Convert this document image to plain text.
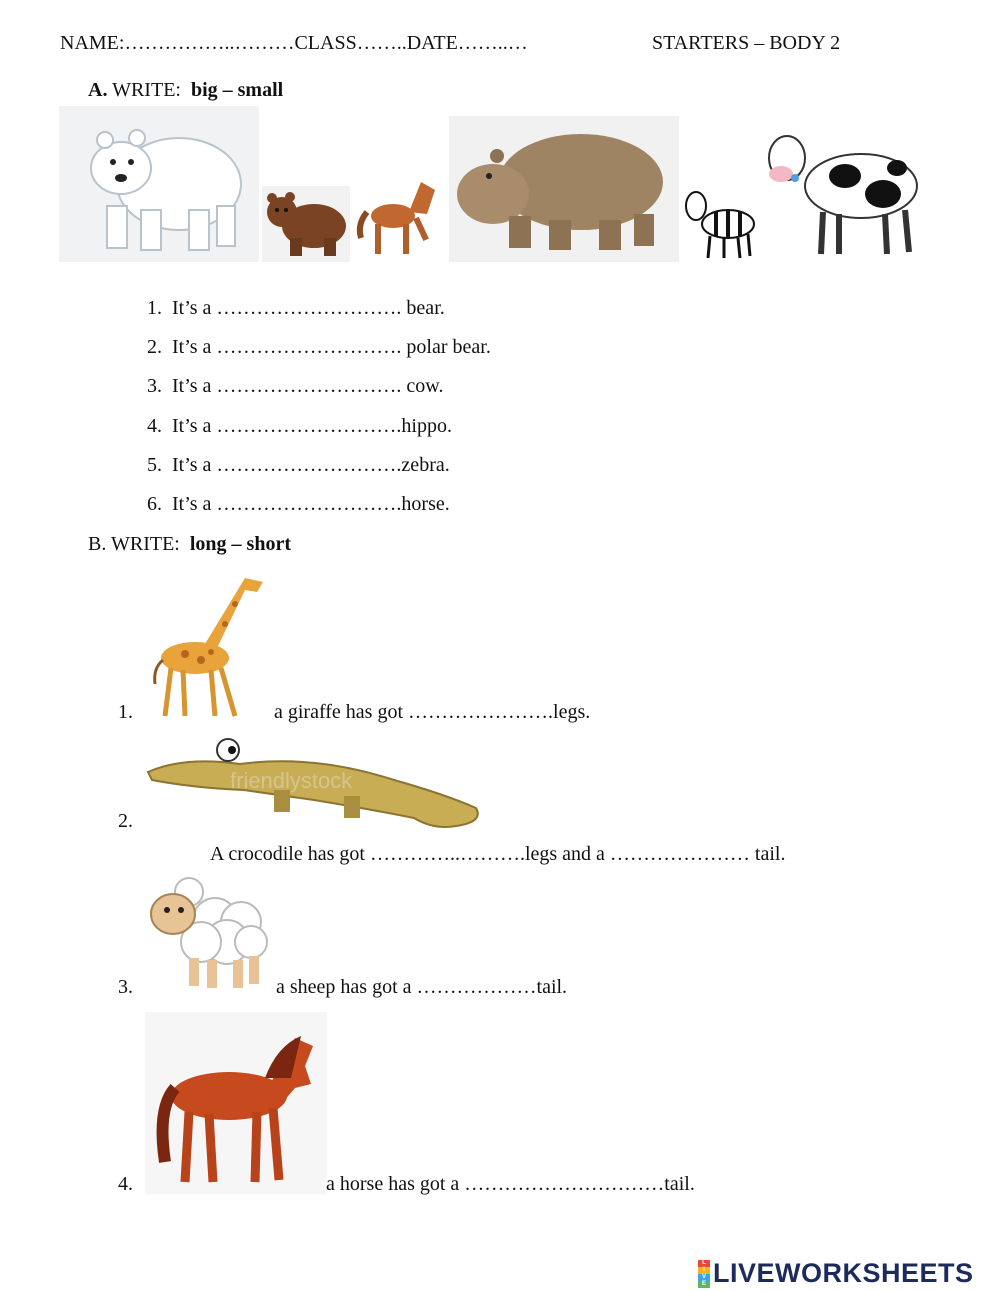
NAME:……………..………CLASS……..DATE……..…	STARTERS – BODY 2
A. WRITE: big – small
1. It’s a ………………………. bear.
2. It’s a ………………………. polar bear.
3. It’s a ………………………. cow.
4. It’s a ……………………….hippo.
5. It’s a ……………………….zebra.
6. It’s a ……………………….horse.
B. WRITE: long – short
1.	a giraffe has got ………………….legs.
friendlystock
2.
A crocodile has got …………..……….legs and a ………………… tail.
3.	a sheep has got a ………………tail.
4.	a horse has got a …………………………tail.
L
I
V
E LIVEWORKSHEETS
